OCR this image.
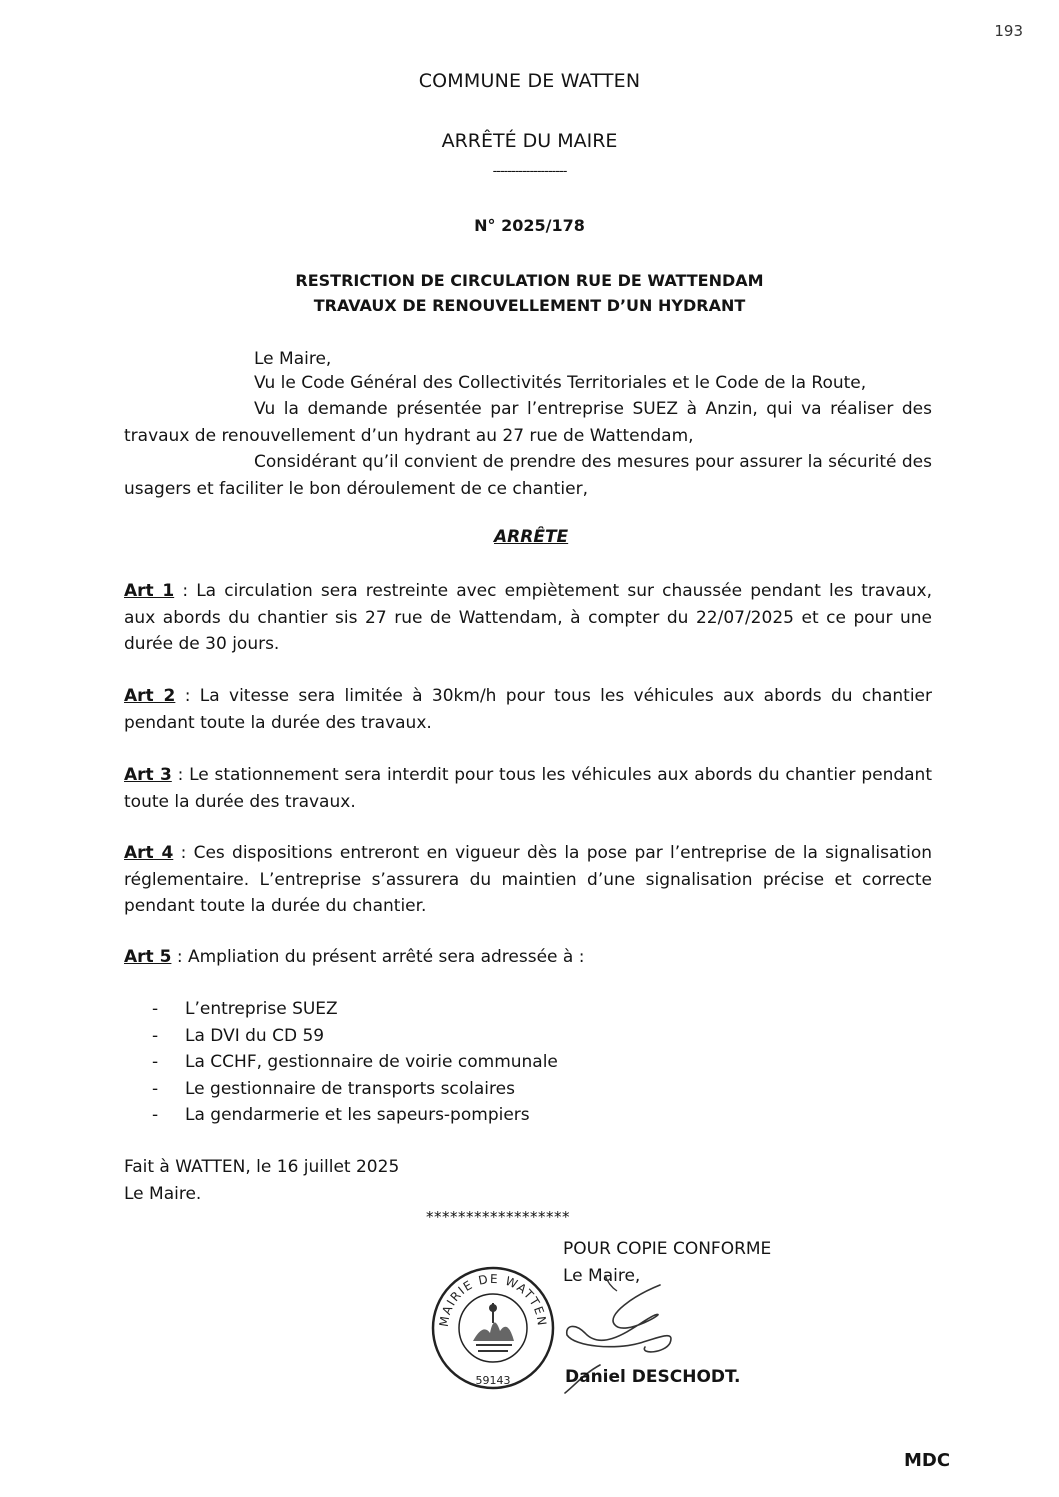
193
COMMUNE DE WATTEN
ARRÊTÉ DU MAIRE
--------------------
N° 2025/178
RESTRICTION DE CIRCULATION RUE DE WATTENDAM
TRAVAUX DE RENOUVELLEMENT D’UN HYDRANT
Le Maire,
Vu le Code Général des Collectivités Territoriales et le Code de la Route,
Vu la demande présentée par l’entreprise SUEZ à Anzin, qui va réaliser des travaux de renouvellement d’un hydrant au 27 rue de Wattendam,
Considérant qu’il convient de prendre des mesures pour assurer la sécurité des usagers et faciliter le bon déroulement de ce chantier,
ARRÊTE
Art 1 : La circulation sera restreinte avec empiètement sur chaussée pendant les travaux, aux abords du chantier sis 27 rue de Wattendam, à compter du 22/07/2025 et ce pour une durée de 30 jours.
Art 2 : La vitesse sera limitée à 30km/h pour tous les véhicules aux abords du chantier pendant toute la durée des travaux.
Art 3 : Le stationnement sera interdit pour tous les véhicules aux abords du chantier pendant toute la durée des travaux.
Art 4 : Ces dispositions entreront en vigueur dès la pose par l’entreprise de la signalisation réglementaire. L’entreprise s’assurera du maintien d’une signalisation précise et correcte pendant toute la durée du chantier.
Art 5 : Ampliation du présent arrêté sera adressée à :
- L’entreprise SUEZ
- La DVI du CD 59
- La CCHF, gestionnaire de voirie communale
- Le gestionnaire de transports scolaires
- La gendarmerie et les sapeurs-pompiers
Fait à WATTEN, le 16 juillet 2025
Le Maire.
******************
POUR COPIE CONFORME
Le Maire,
MAIRIE DE WATTEN
59143	Daniel DESCHODT.
MDC
